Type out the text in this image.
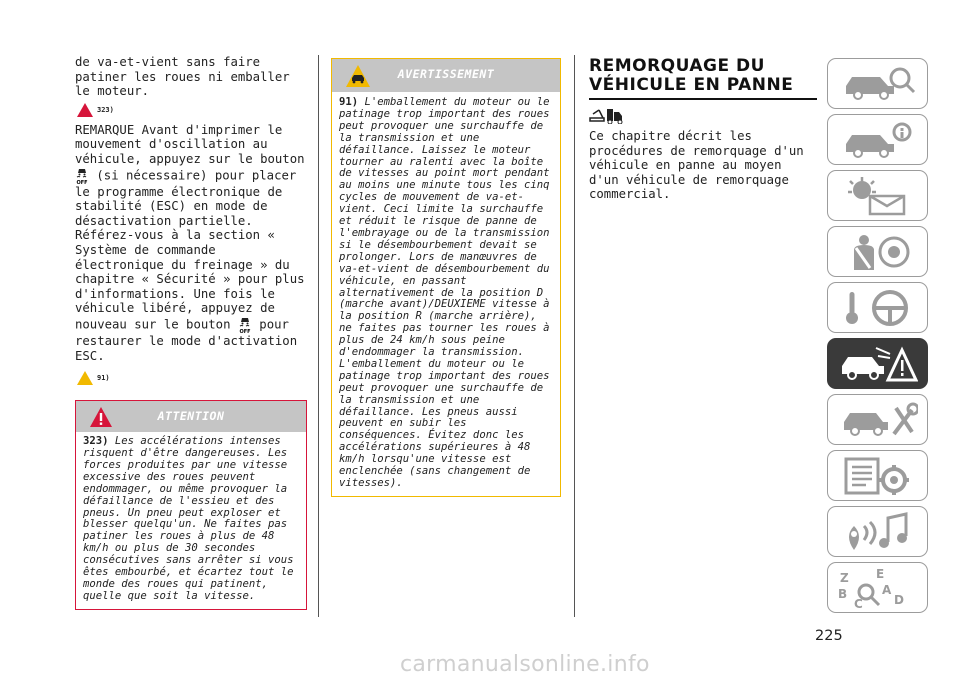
de va-et-vient sans faire patiner les roues ni emballer le moteur.

323)

REMARQUE Avant d'imprimer le mouvement d'oscillation au véhicule, appuyez sur le bouton
OFF
(si nécessaire) pour placer le programme électronique de stabilité (ESC) en mode de désactivation partielle. Référez-vous à la section « Système de commande électronique du freinage » du chapitre « Sécurité » pour plus d'informations. Une fois le véhicule libéré, appuyez de nouveau sur le bouton
OFF
pour restaurer le mode d'activation ESC.

91)
ATTENTION
323) Les accélérations intenses risquent d'être dangereuses. Les forces produites par une vitesse excessive des roues peuvent endommager, ou même provoquer la défaillance de l'essieu et des pneus. Un pneu peut exploser et blesser quelqu'un. Ne faites pas patiner les roues à plus de 48 km/h ou plus de 30 secondes consécutives sans arrêter si vous êtes embourbé, et écartez tout le monde des roues qui patinent, quelle que soit la vitesse.
AVERTISSEMENT
91) L'emballement du moteur ou le patinage trop important des roues peut provoquer une surchauffe de la transmission et une défaillance. Laissez le moteur tourner au ralenti avec la boîte de vitesses au point mort pendant au moins une minute tous les cinq cycles de mouvement de va-et-vient. Ceci limite la surchauffe et réduit le risque de panne de l'embrayage ou de la transmission si le désembourbement devait se prolonger. Lors de manœuvres de va-et-vient de désembourbement du véhicule, en passant alternativement de la position D (marche avant)/DEUXIEME vitesse à la position R (marche arrière), ne faites pas tourner les roues à plus de 24 km/h sous peine d'endommager la transmission. L'emballement du moteur ou le patinage trop important des roues peut provoquer une surchauffe de la transmission et une défaillance. Les pneus aussi peuvent en subir les conséquences. Évitez donc les accélérations supérieures à 48 km/h lorsqu'une vitesse est enclenchée (sans changement de vitesses).
REMORQUAGE DU
VÉHICULE EN PANNE

Ce chapitre décrit les procédures de remorquage d'un véhicule en panne au moyen d'un véhicule de remorquage commercial.

Z E
B	A
C	D
225
carmanualsonline.info
